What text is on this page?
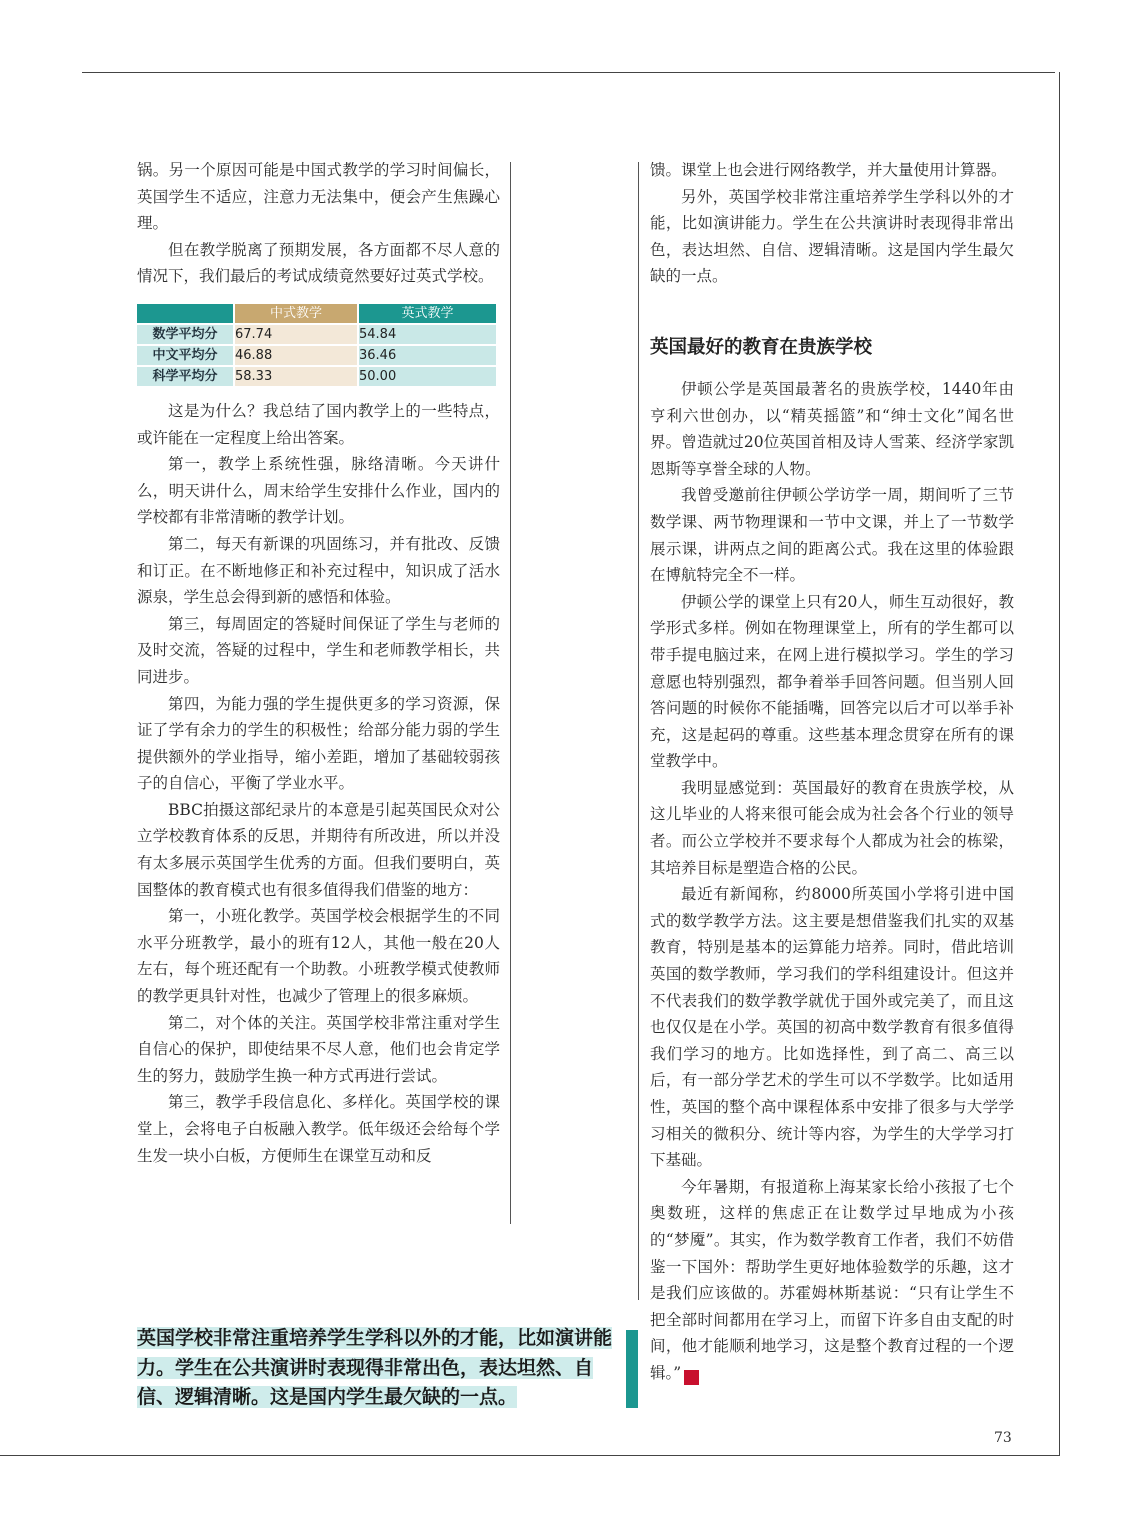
锅。另一个原因可能是中国式教学的学习时间偏长，英国学生不适应，注意力无法集中，便会产生焦躁心理。

但在教学脱离了预期发展，各方面都不尽人意的情况下，我们最后的考试成绩竟然要好过英式学校。

	中式教学	英式教学
数学平均分	67.74	54.84
中文平均分	46.88	36.46
科学平均分	58.33	50.00

这是为什么？我总结了国内教学上的一些特点，或许能在一定程度上给出答案。

第一，教学上系统性强，脉络清晰。今天讲什么，明天讲什么，周末给学生安排什么作业，国内的学校都有非常清晰的教学计划。

第二，每天有新课的巩固练习，并有批改、反馈和订正。在不断地修正和补充过程中，知识成了活水源泉，学生总会得到新的感悟和体验。

第三，每周固定的答疑时间保证了学生与老师的及时交流，答疑的过程中，学生和老师教学相长，共同进步。

第四，为能力强的学生提供更多的学习资源，保证了学有余力的学生的积极性；给部分能力弱的学生提供额外的学业指导，缩小差距，增加了基础较弱孩子的自信心，平衡了学业水平。

BBC拍摄这部纪录片的本意是引起英国民众对公立学校教育体系的反思，并期待有所改进，所以并没有太多展示英国学生优秀的方面。但我们要明白，英国整体的教育模式也有很多值得我们借鉴的地方：

第一，小班化教学。英国学校会根据学生的不同水平分班教学，最小的班有12人，其他一般在20人左右，每个班还配有一个助教。小班教学模式使教师的教学更具针对性，也减少了管理上的很多麻烦。

第二，对个体的关注。英国学校非常注重对学生自信心的保护，即使结果不尽人意，他们也会肯定学生的努力，鼓励学生换一种方式再进行尝试。

第三，教学手段信息化、多样化。英国学校的课堂上，会将电子白板融入教学。低年级还会给每个学生发一块小白板，方便师生在课堂互动和反

馈。课堂上也会进行网络教学，并大量使用计算器。

另外，英国学校非常注重培养学生学科以外的才能，比如演讲能力。学生在公共演讲时表现得非常出色，表达坦然、自信、逻辑清晰。这是国内学生最欠缺的一点。

英国最好的教育在贵族学校

伊顿公学是英国最著名的贵族学校，1440年由亨利六世创办，以“精英摇篮”和“绅士文化”闻名世界。曾造就过20位英国首相及诗人雪莱、经济学家凯恩斯等享誉全球的人物。

我曾受邀前往伊顿公学访学一周，期间听了三节数学课、两节物理课和一节中文课，并上了一节数学展示课，讲两点之间的距离公式。我在这里的体验跟在博航特完全不一样。

伊顿公学的课堂上只有20人，师生互动很好，教学形式多样。例如在物理课堂上，所有的学生都可以带手提电脑过来，在网上进行模拟学习。学生的学习意愿也特别强烈，都争着举手回答问题。但当别人回答问题的时候你不能插嘴，回答完以后才可以举手补充，这是起码的尊重。这些基本理念贯穿在所有的课堂教学中。

我明显感觉到：英国最好的教育在贵族学校，从这儿毕业的人将来很可能会成为社会各个行业的领导者。而公立学校并不要求每个人都成为社会的栋梁，其培养目标是塑造合格的公民。

最近有新闻称，约8000所英国小学将引进中国式的数学教学方法。这主要是想借鉴我们扎实的双基教育，特别是基本的运算能力培养。同时，借此培训英国的数学教师，学习我们的学科组建设计。但这并不代表我们的数学教学就优于国外或完美了，而且这也仅仅是在小学。英国的初高中数学教育有很多值得我们学习的地方。比如选择性，到了高二、高三以后，有一部分学艺术的学生可以不学数学。比如适用性，英国的整个高中课程体系中安排了很多与大学学习相关的微积分、统计等内容，为学生的大学学习打下基础。

今年暑期，有报道称上海某家长给小孩报了七个奥数班，这样的焦虑正在让数学过早地成为小孩的“梦魇”。其实，作为数学教育工作者，我们不妨借鉴一下国外：帮助学生更好地体验数学的乐趣，这才是我们应该做的。苏霍姆林斯基说：“只有让学生不把全部时间都用在学习上，而留下许多自由支配的时间，他才能顺利地学习，这是整个教育过程的一个逻辑。”	家

英国学校非常注重培养学生学科以外的才能，比如演讲能力。学生在公共演讲时表现得非常出色，表达坦然、自信、逻辑清晰。这是国内学生最欠缺的一点。
73
